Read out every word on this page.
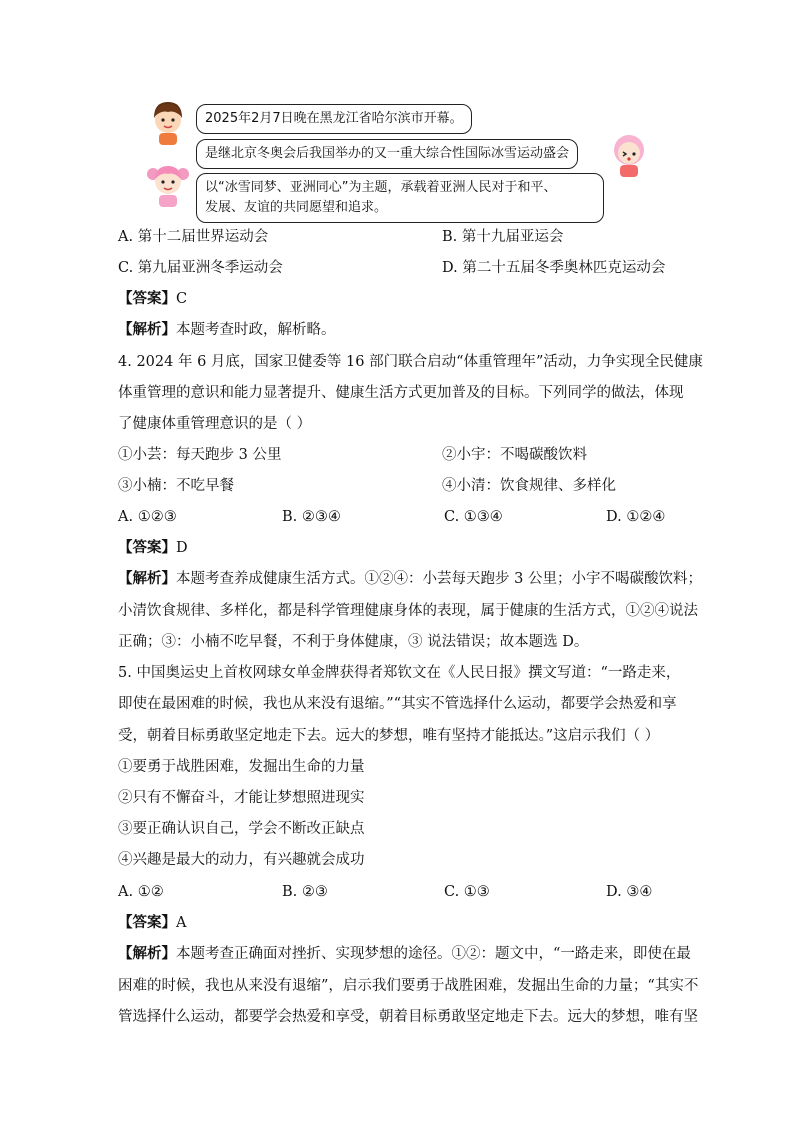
2025年2月7日晚在黑龙江省哈尔滨市开幕。
是继北京冬奥会后我国举办的又一重大综合性国际冰雪运动盛会
以“冰雪同梦、亚洲同心”为主题，承载着亚洲人民对于和平、
发展、友谊的共同愿望和追求。
A. 第十二届世界运动会	B. 第十九届亚运会
C. 第九届亚洲冬季运动会	D. 第二十五届冬季奥林匹克运动会
【答案】C
【解析】本题考查时政，解析略。
4. 2024 年 6 月底，国家卫健委等 16 部门联合启动“体重管理年”活动，力争实现全民健康
体重管理的意识和能力显著提升、健康生活方式更加普及的目标。下列同学的做法，体现
了健康体重管理意识的是（ ）
①小芸：每天跑步 3 公里	②小宇：不喝碳酸饮料
③小楠：不吃早餐	④小清：饮食规律、多样化
A. ①②③	B. ②③④	C. ①③④	D. ①②④
【答案】D
【解析】本题考查养成健康生活方式。①②④：小芸每天跑步 3 公里；小宇不喝碳酸饮料；
小清饮食规律、多样化，都是科学管理健康身体的表现，属于健康的生活方式，①②④说法
正确；③：小楠不吃早餐，不利于身体健康，③ 说法错误；故本题选 D。
5. 中国奥运史上首枚网球女单金牌获得者郑钦文在《人民日报》撰文写道：“一路走来，
即使在最困难的时候，我也从来没有退缩。”“其实不管选择什么运动，都要学会热爱和享
受，朝着目标勇敢坚定地走下去。远大的梦想，唯有坚持才能抵达。”这启示我们（ ）
①要勇于战胜困难，发掘出生命的力量
②只有不懈奋斗，才能让梦想照进现实
③要正确认识自己，学会不断改正缺点
④兴趣是最大的动力，有兴趣就会成功
A. ①②	B. ②③	C. ①③	D. ③④
【答案】A
【解析】本题考查正确面对挫折、实现梦想的途径。①②：题文中，“一路走来，即使在最
困难的时候，我也从来没有退缩”，启示我们要勇于战胜困难，发掘出生命的力量；“其实不
管选择什么运动，都要学会热爱和享受，朝着目标勇敢坚定地走下去。远大的梦想，唯有坚
